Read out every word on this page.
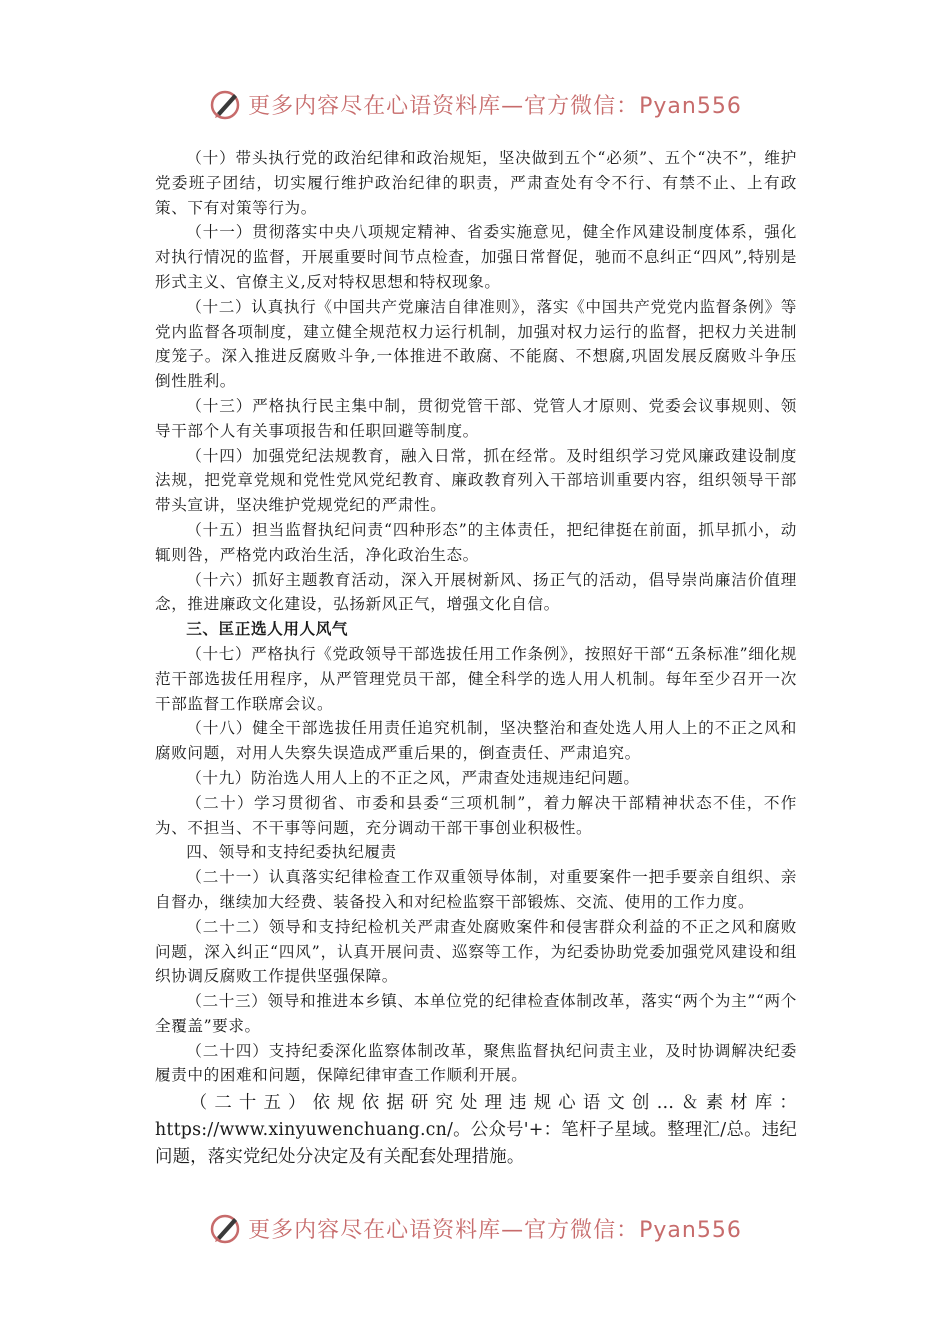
更多内容尽在心语资料库—官方微信：Pyan556

（十）带头执行党的政治纪律和政治规矩，坚决做到五个“必须”、五个“决不”，维护党委班子团结，切实履行维护政治纪律的职责，严肃查处有令不行、有禁不止、上有政策、下有对策等行为。

（十一）贯彻落实中央八项规定精神、省委实施意见，健全作风建设制度体系，强化对执行情况的监督，开展重要时间节点检查，加强日常督促，驰而不息纠正“四风”,特别是形式主义、官僚主义,反对特权思想和特权现象。

（十二）认真执行《中国共产党廉洁自律准则》，落实《中国共产党党内监督条例》等党内监督各项制度，建立健全规范权力运行机制，加强对权力运行的监督，把权力关进制度笼子。深入推进反腐败斗争,一体推进不敢腐、不能腐、不想腐,巩固发展反腐败斗争压倒性胜利。

（十三）严格执行民主集中制，贯彻党管干部、党管人才原则、党委会议事规则、领导干部个人有关事项报告和任职回避等制度。

（十四）加强党纪法规教育，融入日常，抓在经常。及时组织学习党风廉政建设制度法规，把党章党规和党性党风党纪教育、廉政教育列入干部培训重要内容，组织领导干部带头宣讲，坚决维护党规党纪的严肃性。

（十五）担当监督执纪问责“四种形态”的主体责任，把纪律挺在前面，抓早抓小，动辄则咎，严格党内政治生活，净化政治生态。

（十六）抓好主题教育活动，深入开展树新风、扬正气的活动，倡导崇尚廉洁价值理念，推进廉政文化建设，弘扬新风正气，增强文化自信。

三、匡正选人用人风气

（十七）严格执行《党政领导干部选拔任用工作条例》，按照好干部“五条标准”细化规范干部选拔任用程序，从严管理党员干部，健全科学的选人用人机制。每年至少召开一次干部监督工作联席会议。

（十八）健全干部选拔任用责任追究机制，坚决整治和查处选人用人上的不正之风和腐败问题，对用人失察失误造成严重后果的，倒查责任、严肃追究。

（十九）防治选人用人上的不正之风，严肃查处违规违纪问题。

（二十）学习贯彻省、市委和县委“三项机制”，着力解决干部精神状态不佳，不作为、不担当、不干事等问题，充分调动干部干事创业积极性。

四、领导和支持纪委执纪履责

（二十一）认真落实纪律检查工作双重领导体制，对重要案件一把手要亲自组织、亲自督办，继续加大经费、装备投入和对纪检监察干部锻炼、交流、使用的工作力度。

（二十二）领导和支持纪检机关严肃查处腐败案件和侵害群众利益的不正之风和腐败问题，深入纠正“四风”，认真开展问责、巡察等工作，为纪委协助党委加强党风建设和组织协调反腐败工作提供坚强保障。

（二十三）领导和推进本乡镇、本单位党的纪律检查体制改革，落实“两个为主”“两个全覆盖”要求。

（二十四）支持纪委深化监察体制改革，聚焦监督执纪问责主业，及时协调解决纪委履责中的困难和问题，保障纪律审查工作顺利开展。

（二十五）依规依据研究处理违规心语文创…＆素材库：https://www.xinyuwenchuang.cn/。公众号'+：笔杆子星域。整理汇/总。违纪问题，落实党纪处分决定及有关配套处理措施。

更多内容尽在心语资料库—官方微信：Pyan556
